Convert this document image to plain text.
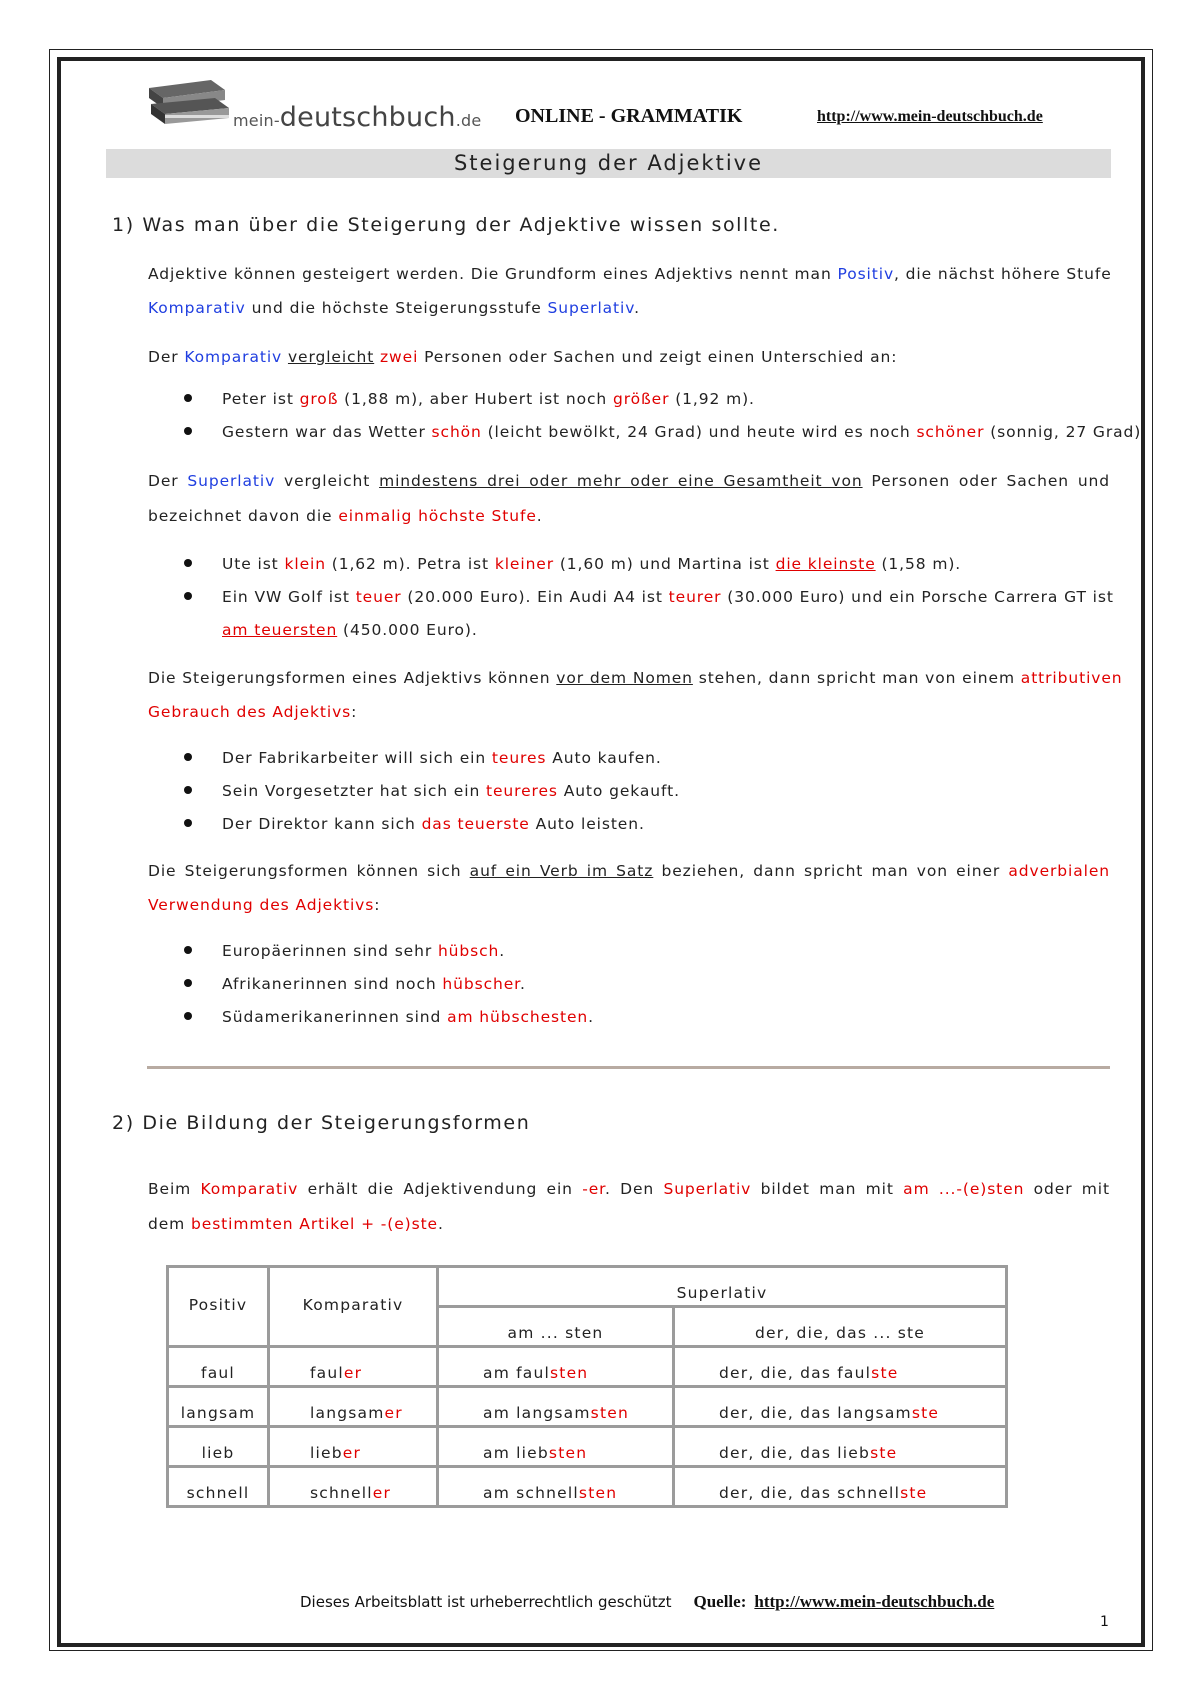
mein-deutschbuch.de ONLINE - GRAMMATIK	http://www.mein-deutschbuch.de
Steigerung der Adjektive
1) Was man über die Steigerung der Adjektive wissen sollte.
Adjektive können gesteigert werden. Die Grundform eines Adjektivs nennt man Positiv, die nächst höhere Stufe
Komparativ und die höchste Steigerungsstufe Superlativ.
Der Komparativ vergleicht zwei Personen oder Sachen und zeigt einen Unterschied an:
Peter ist groß (1,88 m), aber Hubert ist noch größer (1,92 m).
Gestern war das Wetter schön (leicht bewölkt, 24 Grad) und heute wird es noch schöner (sonnig, 27 Grad).
Der Superlativ vergleicht mindestens drei oder mehr oder eine Gesamtheit von Personen oder Sachen und
bezeichnet davon die einmalig höchste Stufe.
Ute ist klein (1,62 m). Petra ist kleiner (1,60 m) und Martina ist die kleinste (1,58 m).
Ein VW Golf ist teuer (20.000 Euro). Ein Audi A4 ist teurer (30.000 Euro) und ein Porsche Carrera GT ist
am teuersten (450.000 Euro).
Die Steigerungsformen eines Adjektivs können vor dem Nomen stehen, dann spricht man von einem attributiven
Gebrauch des Adjektivs:
Der Fabrikarbeiter will sich ein teures Auto kaufen.
Sein Vorgesetzter hat sich ein teureres Auto gekauft.
Der Direktor kann sich das teuerste Auto leisten.
Die Steigerungsformen können sich auf ein Verb im Satz beziehen, dann spricht man von einer adverbialen
Verwendung des Adjektivs:
Europäerinnen sind sehr hübsch.
Afrikanerinnen sind noch hübscher.
Südamerikanerinnen sind am hübschesten.
2) Die Bildung der Steigerungsformen
Beim Komparativ erhält die Adjektivendung ein -er. Den Superlativ bildet man mit am ...-(e)sten oder mit
dem bestimmten Artikel + -(e)ste.
Positiv	Komparativ	Superlativ	
		am ... sten	der, die, das ... ste
faul	fauler	am faulsten	der, die, das faulste
langsam	langsamer	am langsamsten	der, die, das langsamste
lieb	lieber	am liebsten	der, die, das liebste
schnell	schneller	am schnellsten	der, die, das schnellste
Dieses Arbeitsblatt ist urheberrechtlich geschützt Quelle: http://www.mein-deutschbuch.de
1
